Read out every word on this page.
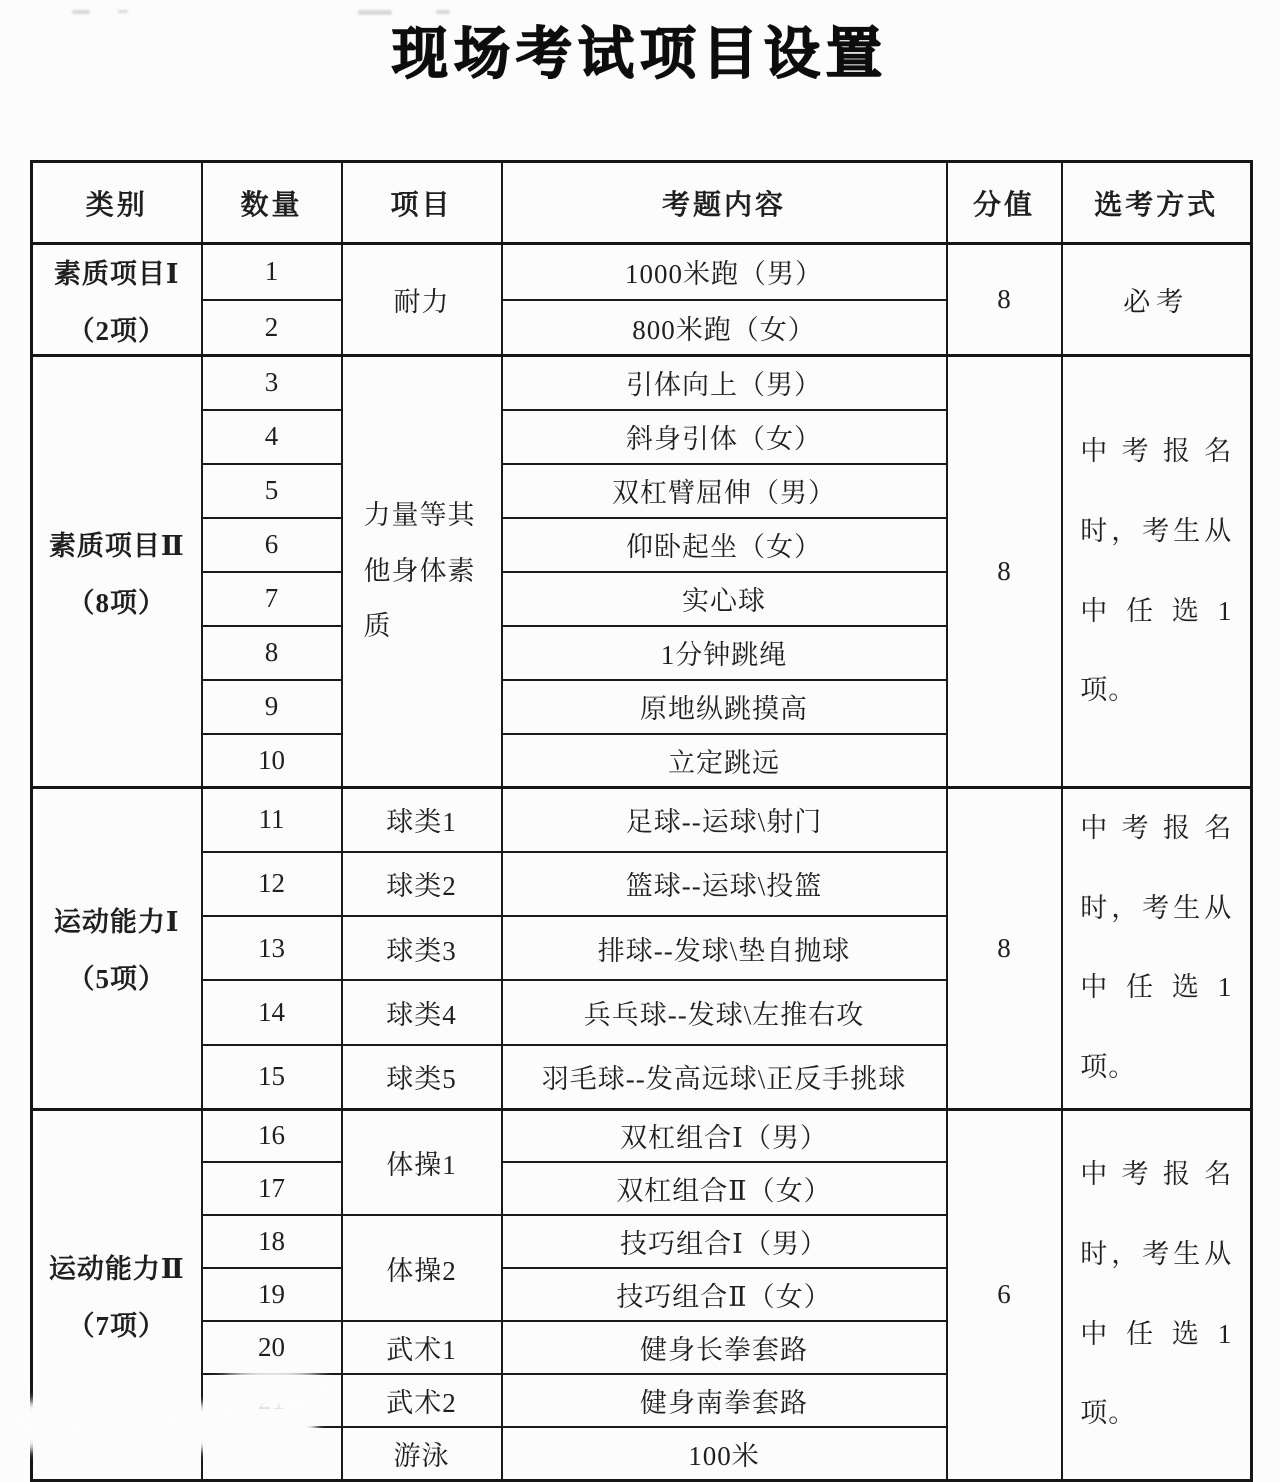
现场考试项目设置
类别	数量	项目	考题内容	分值	选考方式

素质项目Ⅰ
（2项）	1	耐力	1000米跑（男）	8	必考
	2		800米跑（女）		

素质项目Ⅱ
（8项）	3	力量等其他身体素质	引体向上（男）	8	中考报名时，考生从中任选1项。

	4		斜身引体（女）		
	5		双杠臂屈伸（男）		
	6		仰卧起坐（女）		
	7		实心球		
	8		1分钟跳绳		
	9		原地纵跳摸高		
	10		立定跳远		

运动能力Ⅰ
（5项）	11	球类1	足球--运球\射门	8	中考报名时，考生从中任选1项。

	12	球类2	篮球--运球\投篮		
	13	球类3	排球--发球\垫自抛球		
	14	球类4	兵乓球--发球\左推右攻		
	15	球类5	羽毛球--发高远球\正反手挑球		

运动能力Ⅱ
（7项）	16	体操1	双杠组合Ⅰ（男）	6	中考报名时，考生从中任选1项。

	17		双杠组合Ⅱ（女）		
	18	体操2	技巧组合Ⅰ（男）		
	19		技巧组合Ⅱ（女）		
	20	武术1	健身长拳套路		
	武术2	健身南拳套路		
		游泳	100米		
